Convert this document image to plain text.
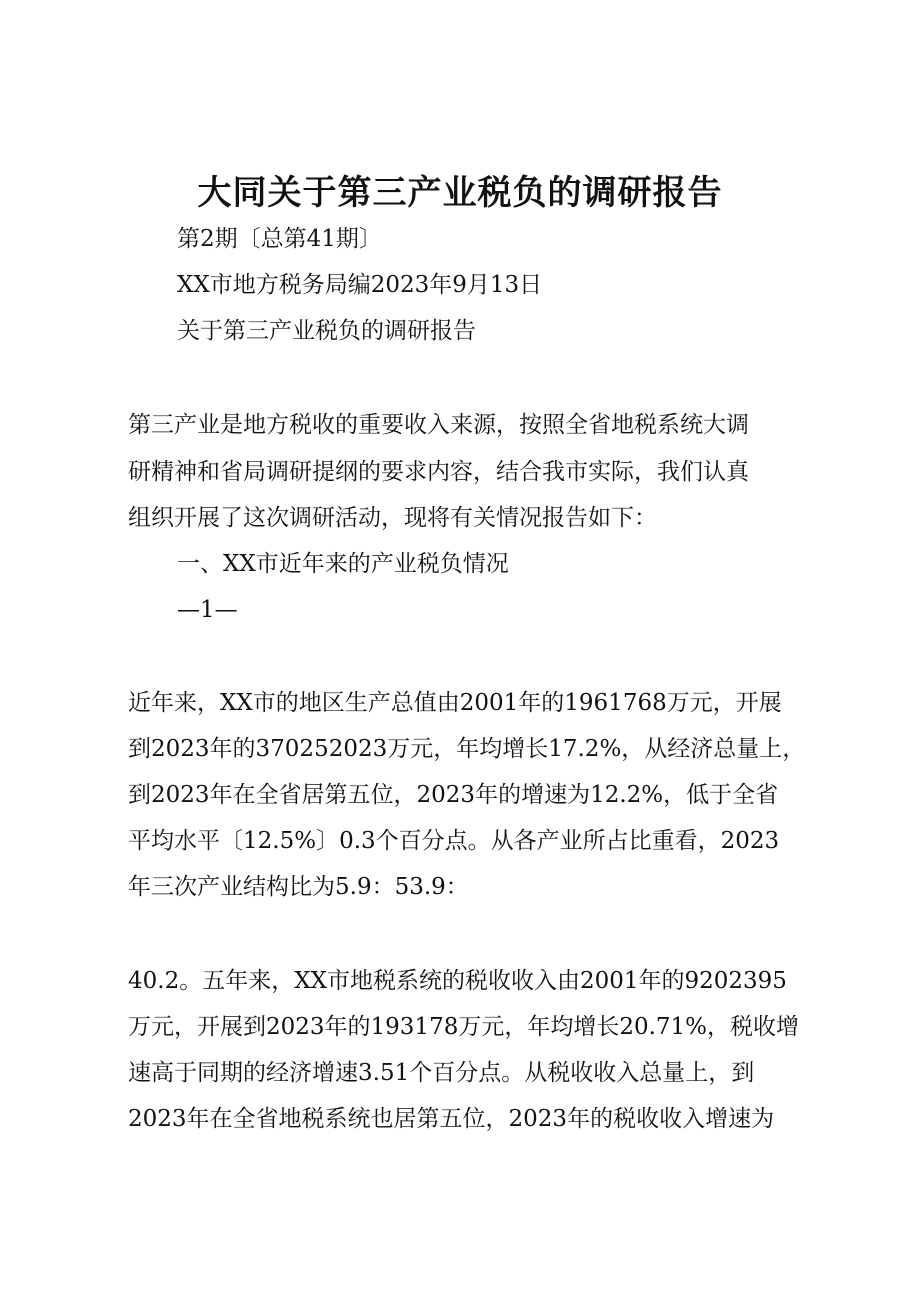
大同关于第三产业税负的调研报告
第2期〔总第41期〕
XX市地方税务局编2023年9月13日
关于第三产业税负的调研报告
第三产业是地方税收的重要收入来源，按照全省地税系统大调
研精神和省局调研提纲的要求内容，结合我市实际，我们认真
组织开展了这次调研活动，现将有关情况报告如下：
一、XX市近年来的产业税负情况
—1—
近年来，XX市的地区生产总值由2001年的1961768万元，开展
到2023年的370252023万元，年均增长17.2%，从经济总量上，
到2023年在全省居第五位，2023年的增速为12.2%，低于全省
平均水平〔12.5%〕0.3个百分点。从各产业所占比重看，2023
年三次产业结构比为5.9：53.9：
40.2。五年来，XX市地税系统的税收收入由2001年的9202395
万元，开展到2023年的193178万元，年均增长20.71%，税收增
速高于同期的经济增速3.51个百分点。从税收收入总量上，到
2023年在全省地税系统也居第五位，2023年的税收收入增速为
